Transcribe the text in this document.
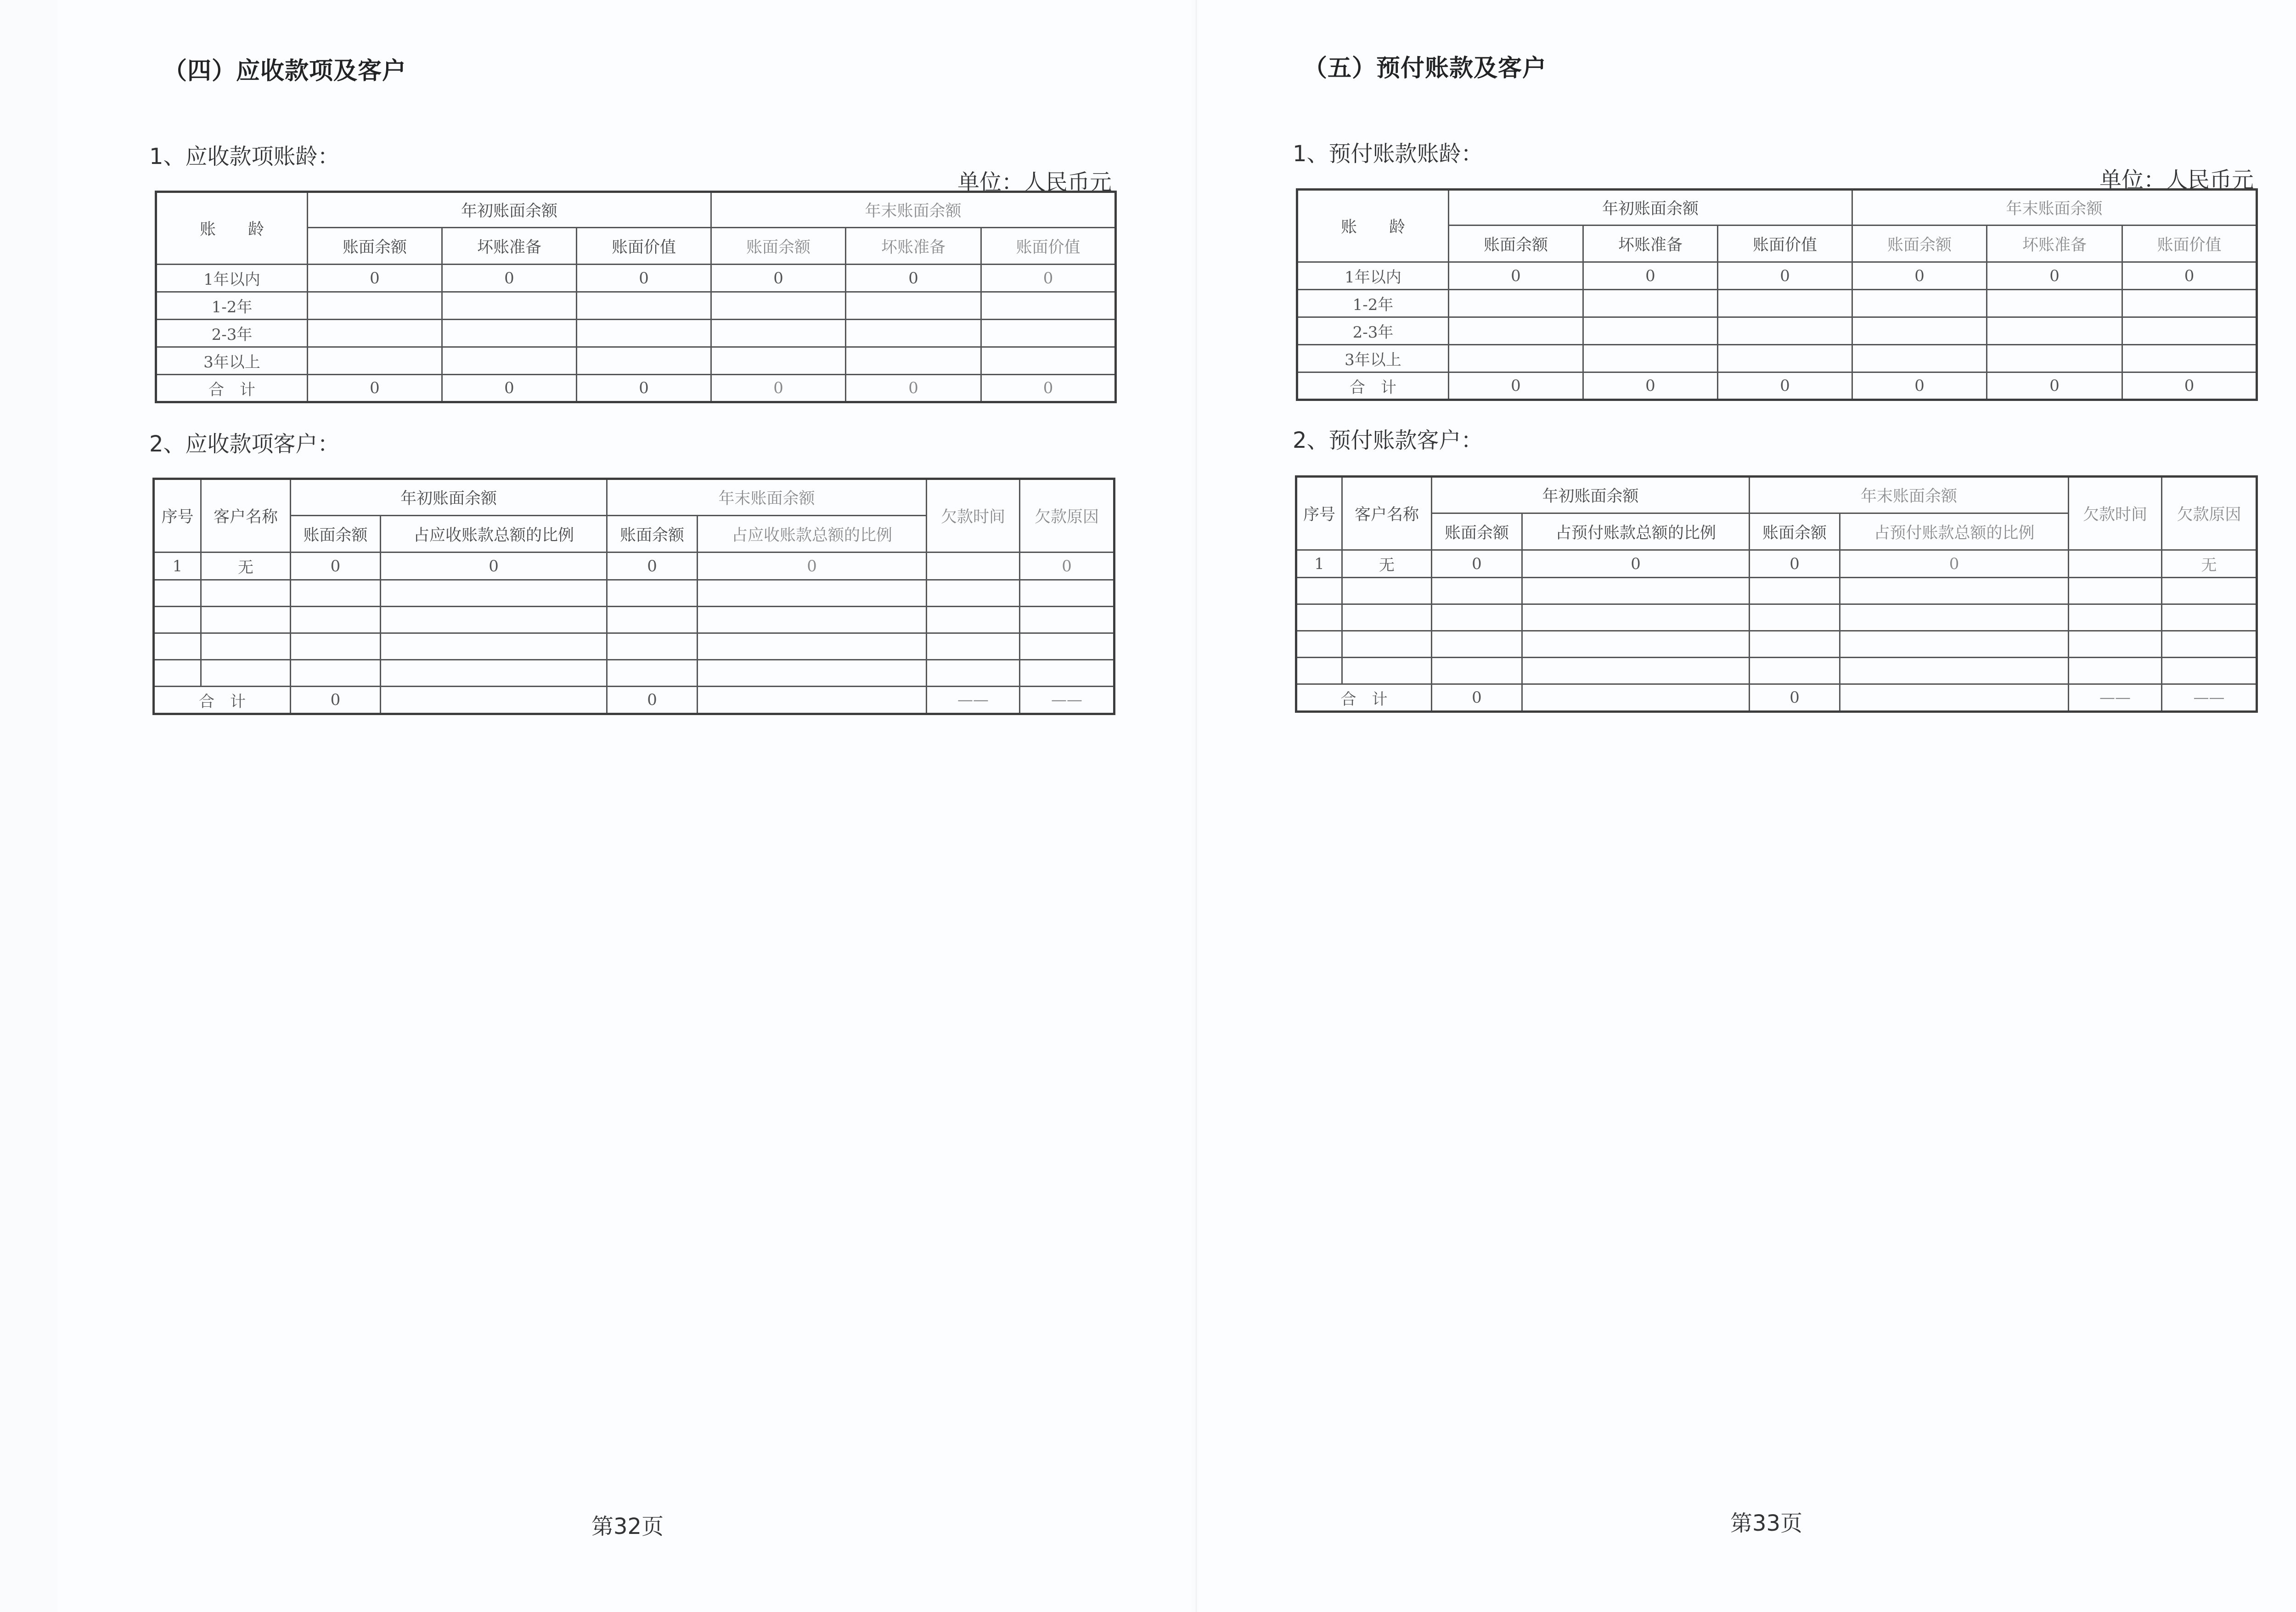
（四）应收款项及客户
1、应收款项账龄：
单位：人民币元
账　　龄	年初账面余额			年末账面余额		
	账面余额	坏账准备	账面价值	账面余额	坏账准备	账面价值
1年以内	0	0	0	0	0	0
1-2年						
2-3年						
3年以上						
合　计	0	0	0	0	0	0
2、应收款项客户：
序号	客户名称	年初账面余额		年末账面余额		欠款时间	欠款原因
		账面余额	占应收账款总额的比例	账面余额	占应收账款总额的比例		
1	无	0	0	0	0		0

合　计		0		0		——	——
第32页
（五）预付账款及客户
1、预付账款账龄：
单位：人民币元
账　　龄	年初账面余额			年末账面余额		
	账面余额	坏账准备	账面价值	账面余额	坏账准备	账面价值
1年以内	0	0	0	0	0	0
1-2年						
2-3年						
3年以上						
合　计	0	0	0	0	0	0
2、预付账款客户：
序号	客户名称	年初账面余额		年末账面余额		欠款时间	欠款原因
		账面余额	占预付账款总额的比例	账面余额	占预付账款总额的比例		
1	无	0	0	0	0		无

合　计		0		0		——	——
第33页
